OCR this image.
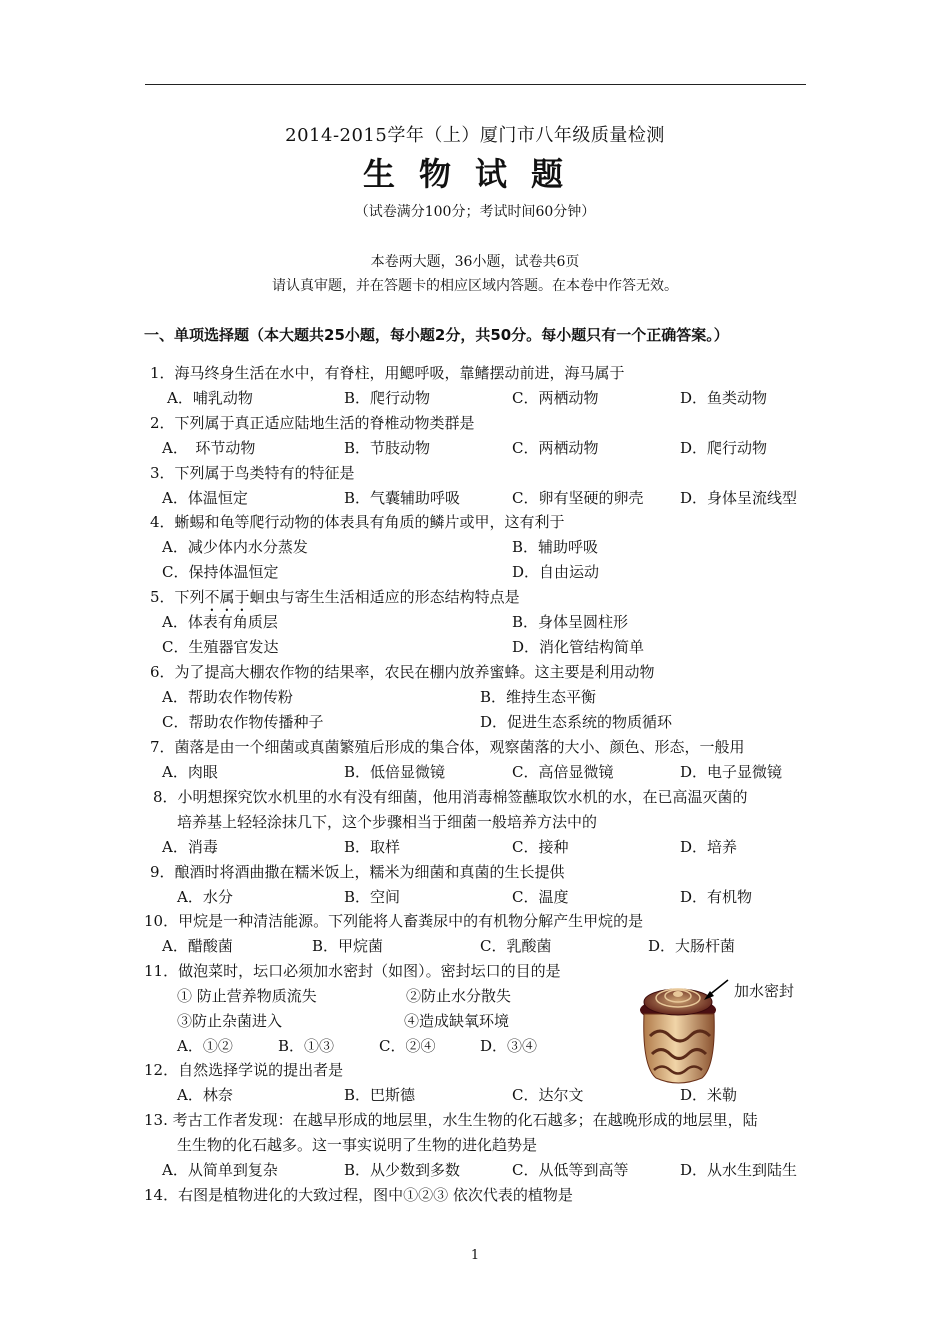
2014-2015学年（上）厦门市八年级质量检测
生物试题
（试卷满分100分；考试时间60分钟）
本卷两大题，36小题，试卷共6页
请认真审题，并在答题卡的相应区域内答题。在本卷中作答无效。
一、单项选择题（本大题共25小题，每小题2分，共50分。每小题只有一个正确答案。）
1．海马终身生活在水中，有脊柱，用鳃呼吸，靠鳍摆动前进，海马属于
A．哺乳动物	B．爬行动物	C．两栖动物	D．鱼类动物
2．下列属于真正适应陆地生活的脊椎动物类群是
A．　环节动物	B．节肢动物	C．两栖动物	D．爬行动物
3．下列属于鸟类特有的特征是
A．体温恒定	B．气囊辅助呼吸	C．卵有坚硬的卵壳 D．身体呈流线型
4．蜥蜴和龟等爬行动物的体表具有角质的鳞片或甲，这有利于
A．减少体内水分蒸发	B．辅助呼吸
C．保持体温恒定	D．自由运动
5．下列不属于蛔虫与寄生生活相适应的形态结构特点是
A．体表有角质层	B．身体呈圆柱形
C．生殖器官发达	D．消化管结构简单
6．为了提高大棚农作物的结果率，农民在棚内放养蜜蜂。这主要是利用动物
A．帮助农作物传粉	B．维持生态平衡
C．帮助农作物传播种子	D．促进生态系统的物质循环
7．菌落是由一个细菌或真菌繁殖后形成的集合体，观察菌落的大小、颜色、形态，一般用
A．肉眼	B．低倍显微镜	C．高倍显微镜	D．电子显微镜
8．小明想探究饮水机里的水有没有细菌，他用消毒棉签蘸取饮水机的水，在已高温灭菌的
培养基上轻轻涂抹几下，这个步骤相当于细菌一般培养方法中的
A．消毒	B．取样	C．接种	D．培养
9．酿酒时将酒曲撒在糯米饭上，糯米为细菌和真菌的生长提供
A．水分	B．空间	C．温度	D．有机物
10．甲烷是一种清洁能源。下列能将人畜粪尿中的有机物分解产生甲烷的是
A．醋酸菌	B．甲烷菌	C．乳酸菌	D．大肠杆菌
11．做泡菜时，坛口必须加水密封（如图）。密封坛口的目的是
① 防止营养物质流失	②防止水分散失
③防止杂菌进入	④造成缺氧环境
A．①②	B．①③	C．②④	D．③④
加水密封
12．自然选择学说的提出者是
A．林奈	B．巴斯德	C．达尔文	D．米勒
13. 考古工作者发现：在越早形成的地层里，水生生物的化石越多；在越晚形成的地层里，陆
生生物的化石越多。这一事实说明了生物的进化趋势是
A．从简单到复杂	B．从少数到多数	C．从低等到高等	D．从水生到陆生
14．右图是植物进化的大致过程，图中①②③ 依次代表的植物是
1
